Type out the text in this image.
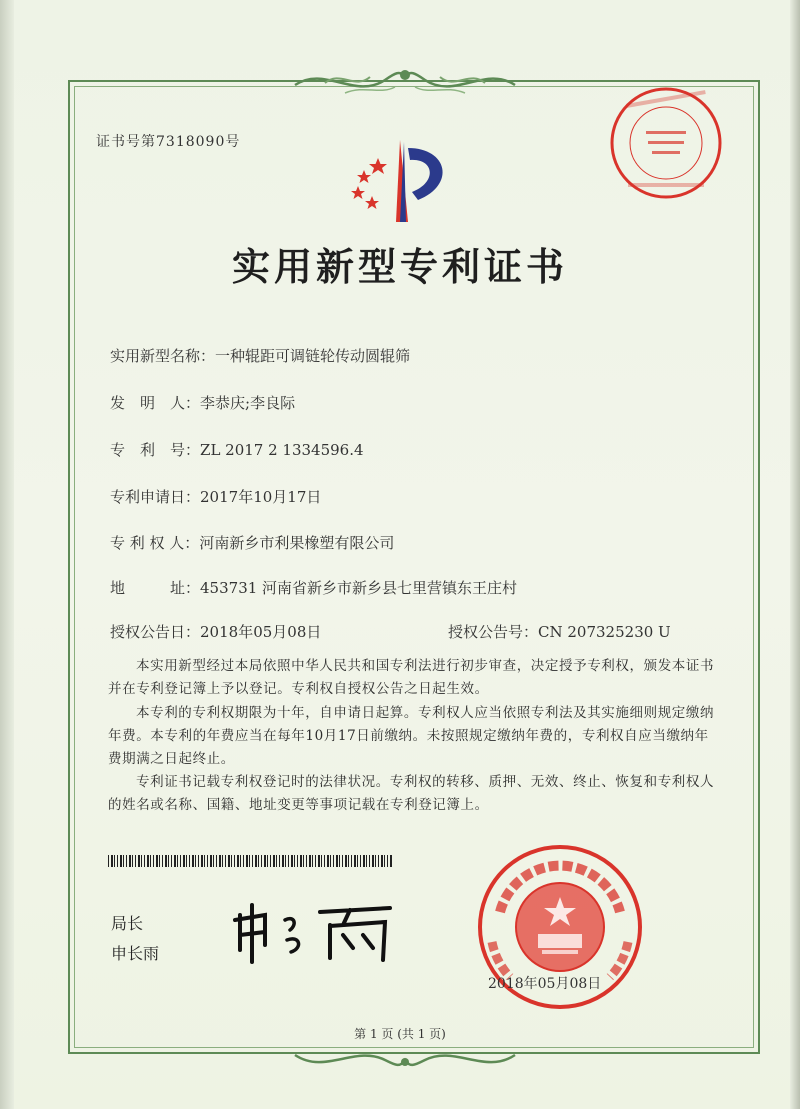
证书号第7318090号
实用新型专利证书
实用新型名称：一种辊距可调链轮传动圆辊筛
发　明　人：李恭庆;李良际
专　利　号：ZL 2017 2 1334596.4
专利申请日：2017年10月17日
专 利 权 人：河南新乡市利果橡塑有限公司
地　　　址：453731 河南省新乡市新乡县七里营镇东王庄村
授权公告日：2018年05月08日	授权公告号：CN 207325230 U
本实用新型经过本局依照中华人民共和国专利法进行初步审查，决定授予专利权，颁发本证书并在专利登记簿上予以登记。专利权自授权公告之日起生效。
本专利的专利权期限为十年，自申请日起算。专利权人应当依照专利法及其实施细则规定缴纳年费。本专利的年费应当在每年10月17日前缴纳。未按照规定缴纳年费的，专利权自应当缴纳年费期满之日起终止。
专利证书记载专利权登记时的法律状况。专利权的转移、质押、无效、终止、恢复和专利权人的姓名或名称、国籍、地址变更等事项记载在专利登记簿上。
局长
申长雨
2018年05月08日
第 1 页 (共 1 页)
